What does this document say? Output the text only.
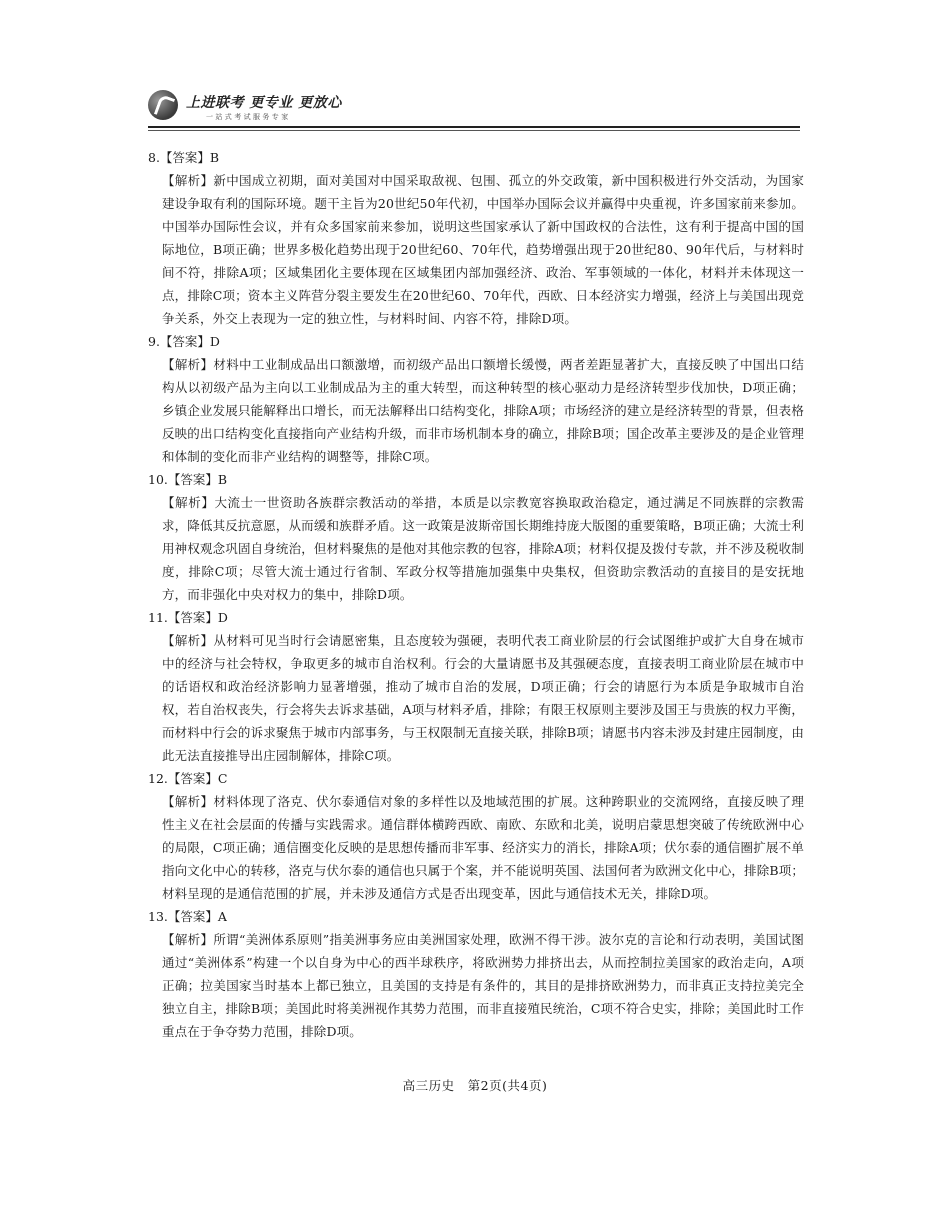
上进联考 更专业 更放心
一站式考试服务专家
8.【答案】B

【解析】新中国成立初期，面对美国对中国采取敌视、包围、孤立的外交政策，新中国积极进行外交活动，为国家建设争取有利的国际环境。题干主旨为20世纪50年代初，中国举办国际会议并赢得中央重视，许多国家前来参加。中国举办国际性会议，并有众多国家前来参加，说明这些国家承认了新中国政权的合法性，这有利于提高中国的国际地位，B项正确；世界多极化趋势出现于20世纪60、70年代，趋势增强出现于20世纪80、90年代后，与材料时间不符，排除A项；区域集团化主要体现在区域集团内部加强经济、政治、军事领域的一体化，材料并未体现这一点，排除C项；资本主义阵营分裂主要发生在20世纪60、70年代，西欧、日本经济实力增强，经济上与美国出现竞争关系，外交上表现为一定的独立性，与材料时间、内容不符，排除D项。

9.【答案】D

【解析】材料中工业制成品出口额激增，而初级产品出口额增长缓慢，两者差距显著扩大，直接反映了中国出口结构从以初级产品为主向以工业制成品为主的重大转型，而这种转型的核心驱动力是经济转型步伐加快，D项正确；乡镇企业发展只能解释出口增长，而无法解释出口结构变化，排除A项；市场经济的建立是经济转型的背景，但表格反映的出口结构变化直接指向产业结构升级，而非市场机制本身的确立，排除B项；国企改革主要涉及的是企业管理和体制的变化而非产业结构的调整等，排除C项。

10.【答案】B

【解析】大流士一世资助各族群宗教活动的举措，本质是以宗教宽容换取政治稳定，通过满足不同族群的宗教需求，降低其反抗意愿，从而缓和族群矛盾。这一政策是波斯帝国长期维持庞大版图的重要策略，B项正确；大流士利用神权观念巩固自身统治，但材料聚焦的是他对其他宗教的包容，排除A项；材料仅提及拨付专款，并不涉及税收制度，排除C项；尽管大流士通过行省制、军政分权等措施加强集中央集权，但资助宗教活动的直接目的是安抚地方，而非强化中央对权力的集中，排除D项。

11.【答案】D

【解析】从材料可见当时行会请愿密集，且态度较为强硬，表明代表工商业阶层的行会试图维护或扩大自身在城市中的经济与社会特权，争取更多的城市自治权利。行会的大量请愿书及其强硬态度，直接表明工商业阶层在城市中的话语权和政治经济影响力显著增强，推动了城市自治的发展，D项正确；行会的请愿行为本质是争取城市自治权，若自治权丧失，行会将失去诉求基础，A项与材料矛盾，排除；有限王权原则主要涉及国王与贵族的权力平衡，而材料中行会的诉求聚焦于城市内部事务，与王权限制无直接关联，排除B项；请愿书内容未涉及封建庄园制度，由此无法直接推导出庄园制解体，排除C项。

12.【答案】C

【解析】材料体现了洛克、伏尔泰通信对象的多样性以及地域范围的扩展。这种跨职业的交流网络，直接反映了理性主义在社会层面的传播与实践需求。通信群体横跨西欧、南欧、东欧和北美，说明启蒙思想突破了传统欧洲中心的局限，C项正确；通信圈变化反映的是思想传播而非军事、经济实力的消长，排除A项；伏尔泰的通信圈扩展不单指向文化中心的转移，洛克与伏尔泰的通信也只属于个案，并不能说明英国、法国何者为欧洲文化中心，排除B项；材料呈现的是通信范围的扩展，并未涉及通信方式是否出现变革，因此与通信技术无关，排除D项。

13.【答案】A

【解析】所谓“美洲体系原则”指美洲事务应由美洲国家处理，欧洲不得干涉。波尔克的言论和行动表明，美国试图通过“美洲体系”构建一个以自身为中心的西半球秩序，将欧洲势力排挤出去，从而控制拉美国家的政治走向，A项正确；拉美国家当时基本上都已独立，且美国的支持是有条件的，其目的是排挤欧洲势力，而非真正支持拉美完全独立自主，排除B项；美国此时将美洲视作其势力范围，而非直接殖民统治，C项不符合史实，排除；美国此时工作重点在于争夺势力范围，排除D项。

高三历史　第2页(共4页)
